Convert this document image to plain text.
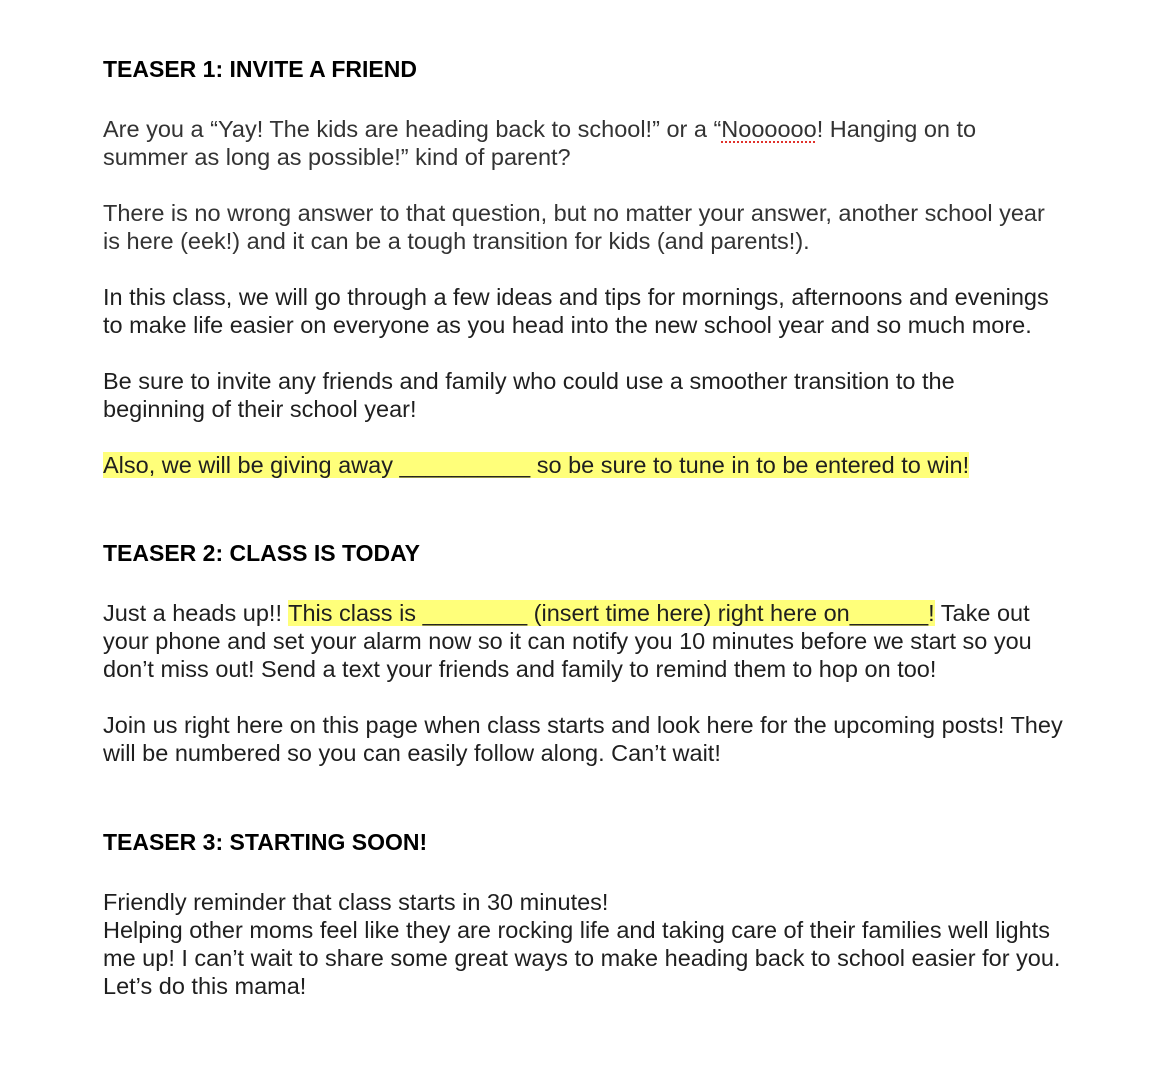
TEASER 1: INVITE A FRIEND

Are you a “Yay! The kids are heading back to school!” or a “Noooooo! Hanging on to summer as long as possible!” kind of parent?

There is no wrong answer to that question, but no matter your answer, another school year is here (eek!) and it can be a tough transition for kids (and parents!).

In this class, we will go through a few ideas and tips for mornings, afternoons and evenings to make life easier on everyone as you head into the new school year and so much more.

Be sure to invite any friends and family who could use a smoother transition to the beginning of their school year!

Also, we will be giving away __________ so be sure to tune in to be entered to win!

TEASER 2: CLASS IS TODAY

Just a heads up!! This class is ________ (insert time here) right here on______! Take out your phone and set your alarm now so it can notify you 10 minutes before we start so you don’t miss out! Send a text your friends and family to remind them to hop on too!

Join us right here on this page when class starts and look here for the upcoming posts! They will be numbered so you can easily follow along. Can’t wait!

TEASER 3: STARTING SOON!

Friendly reminder that class starts in 30 minutes!

Helping other moms feel like they are rocking life and taking care of their families well lights me up! I can’t wait to share some great ways to make heading back to school easier for you. Let’s do this mama!
